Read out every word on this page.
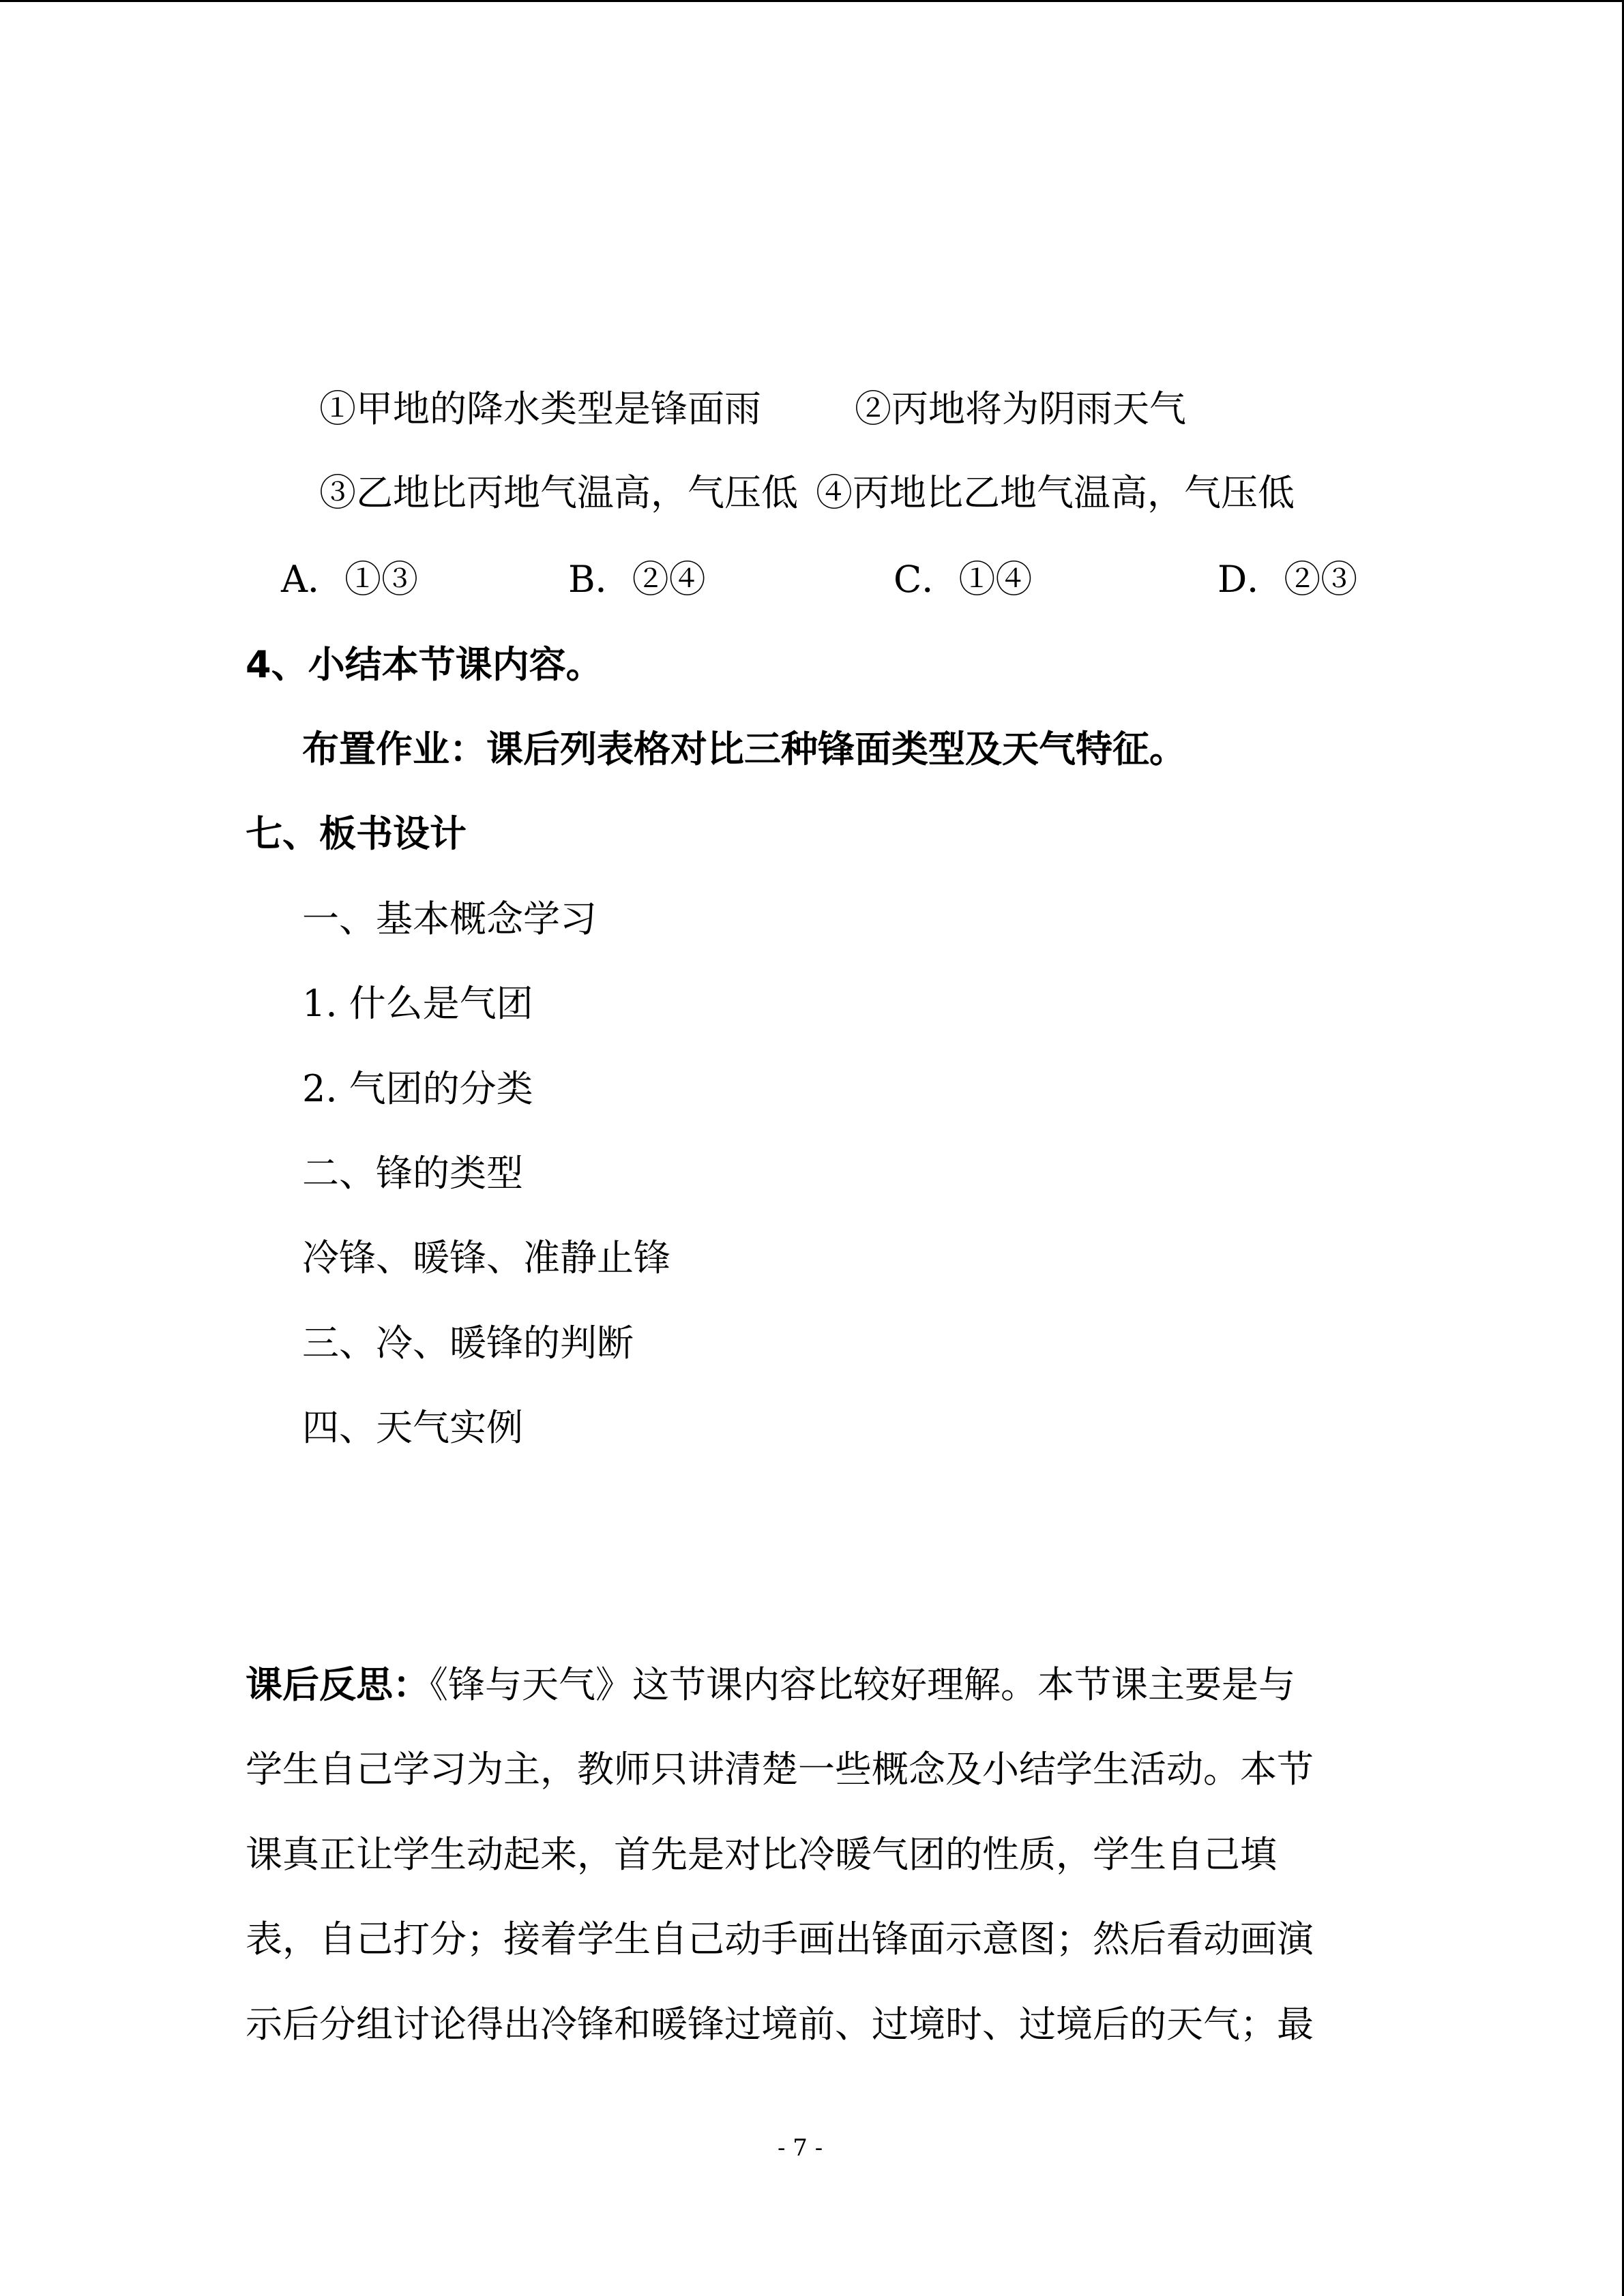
①甲地的降水类型是锋面雨	②丙地将为阴雨天气
③乙地比丙地气温高，气压低 ④丙地比乙地气温高，气压低
A．①③	B．②④	C．①④	D．②③
4、小结本节课内容。
布置作业：课后列表格对比三种锋面类型及天气特征。
七、板书设计
一、基本概念学习
1. 什么是气团
2. 气团的分类
二、锋的类型
冷锋、暖锋、准静止锋
三、冷、暖锋的判断
四、天气实例
课后反思：《锋与天气》这节课内容比较好理解。本节课主要是与
学生自己学习为主，教师只讲清楚一些概念及小结学生活动。本节
课真正让学生动起来，首先是对比冷暖气团的性质，学生自己填
表，自己打分；接着学生自己动手画出锋面示意图；然后看动画演
示后分组讨论得出冷锋和暖锋过境前、过境时、过境后的天气；最
- 7 -
